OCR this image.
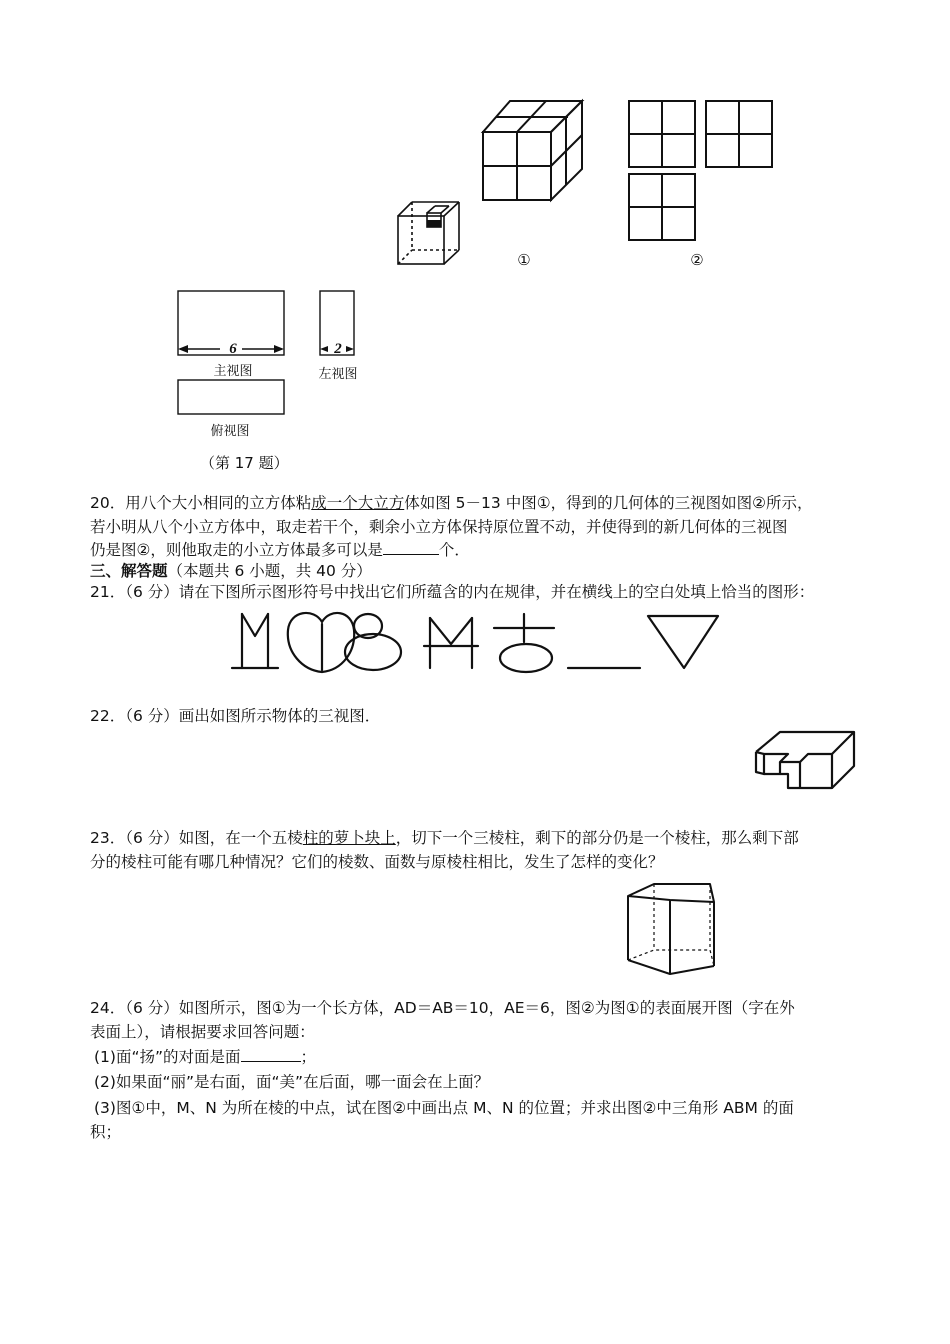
①	②
6
主视图
2
左视图
俯视图
（第 17 题）
20．用八个大小相同的立方体粘成一个大立方体如图 5－13 中图①，得到的几何体的三视图如图②所示，
若小明从八个小立方体中，取走若干个，剩余小立方体保持原位置不动，并使得到的新几何体的三视图
仍是图②，则他取走的小立方体最多可以是	个．
三、解答题（本题共 6 小题，共 40 分）
21．（6 分）请在下图所示图形符号中找出它们所蕴含的内在规律，并在横线上的空白处填上恰当的图形：
22．（6 分）画出如图所示物体的三视图．
23．（6 分）如图，在一个五棱柱的萝卜块上，切下一个三棱柱，剩下的部分仍是一个棱柱，那么剩下部
分的棱柱可能有哪几种情况？它们的棱数、面数与原棱柱相比，发生了怎样的变化？
24．（6 分）如图所示，图①为一个长方体，AD＝AB＝10，AE＝6，图②为图①的表面展开图（字在外
表面上），请根据要求回答问题：
(1)面“扬”的对面是面	；
(2)如果面“丽”是右面，面“美”在后面，哪一面会在上面？
(3)图①中，M、N 为所在棱的中点，试在图②中画出点 M、N 的位置；并求出图②中三角形 ABM 的面
积；
